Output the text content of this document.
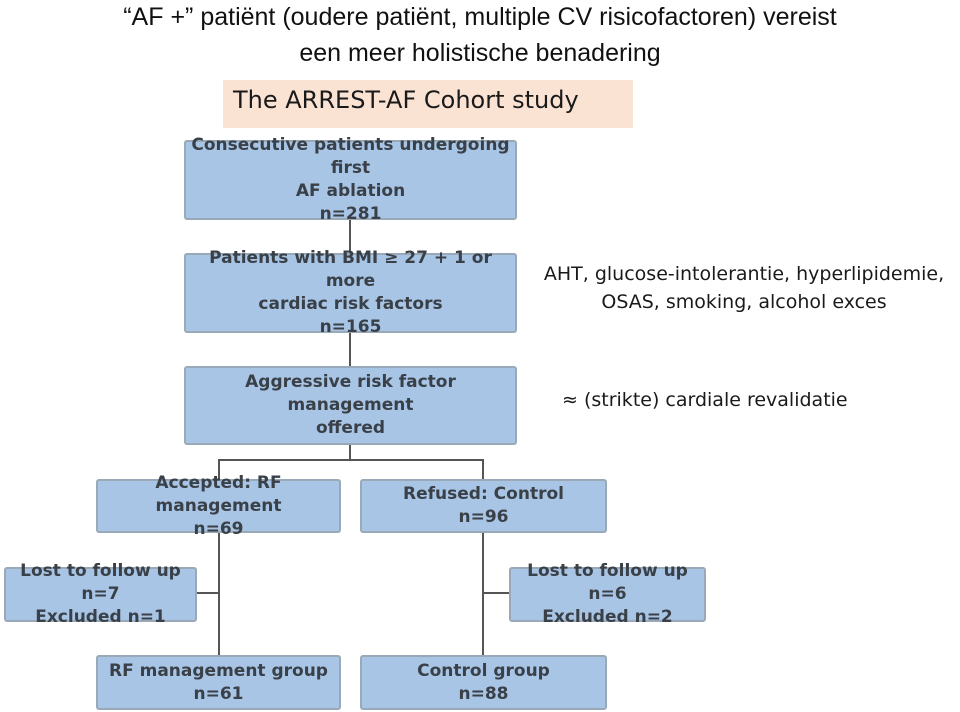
“AF +” patiënt (oudere patiënt, multiple CV risicofactoren) vereist
een meer holistische benadering
The ARREST-AF Cohort study
Consecutive patients undergoing first
AF ablation
n=281
Patients with BMI ≥ 27 + 1 or more
cardiac risk factors
n=165
Aggressive risk factor management
offered
Accepted: RF management
n=69
Refused: Control
n=96
Lost to follow up n=7
Excluded n=1
Lost to follow up n=6
Excluded n=2
RF management group
n=61
Control group
n=88
AHT, glucose-intolerantie, hyperlipidemie,
OSAS, smoking, alcohol exces
≈ (strikte) cardiale revalidatie
